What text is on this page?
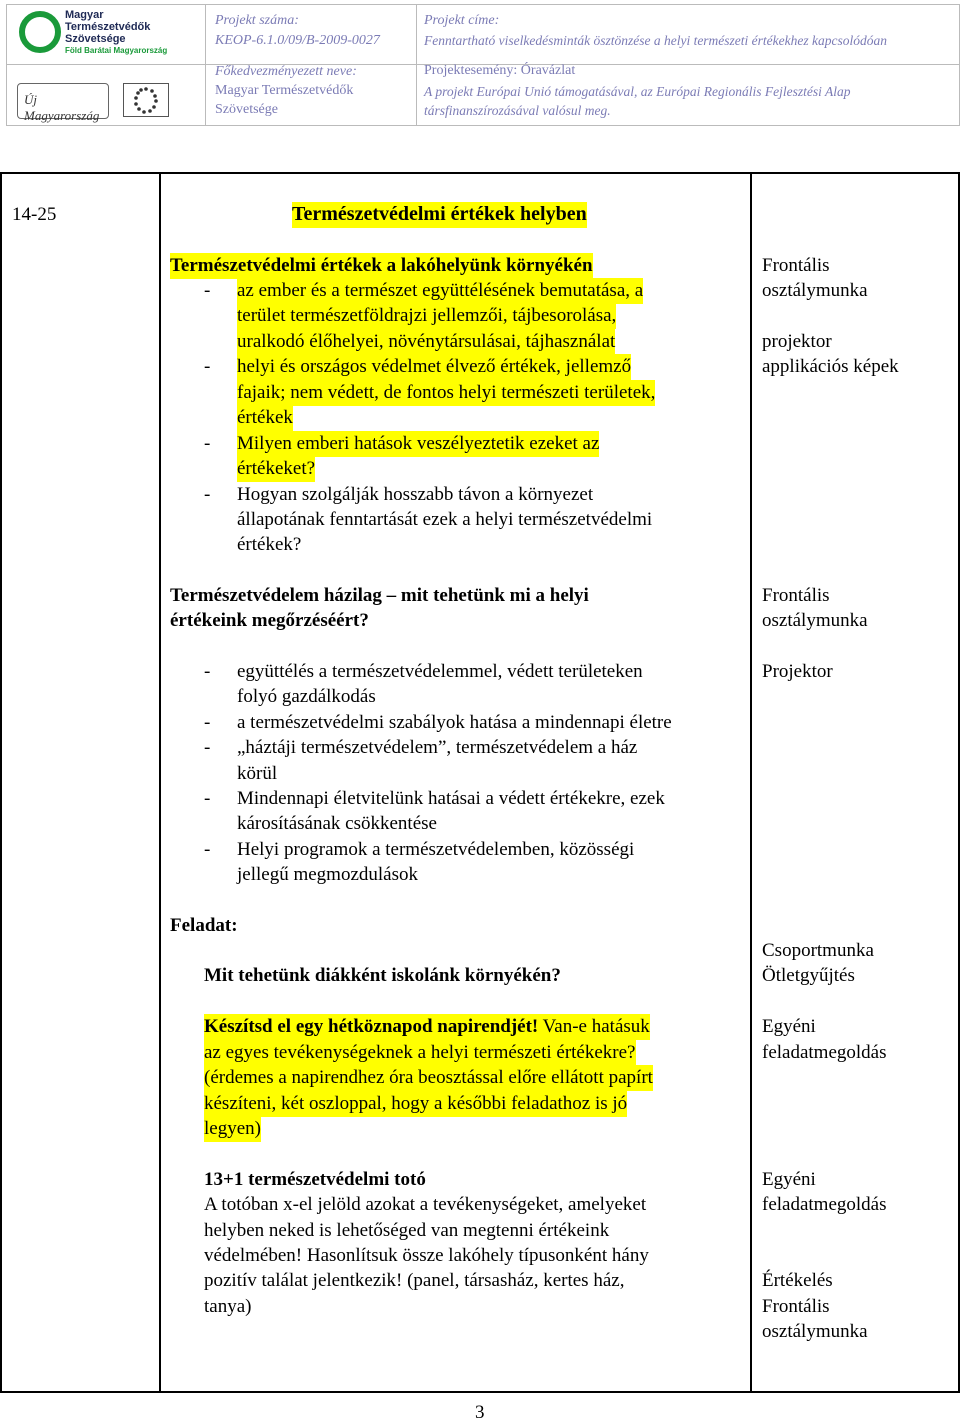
Magyar
Természetvédők
Szövetsége
Föld Barátai Magyarország
Új Magyarország
Projekt száma:
KEOP-6.1.0/09/B-2009-0027
Főkedvezményezett neve:
Magyar Természetvédők
Szövetsége
Projekt címe:
Fenntartható viselkedésminták ösztönzése a helyi természeti értékekhez kapcsolódóan
Projektesemény: Óravázlat
A projekt Európai Unió támogatásával, az Európai Regionális Fejlesztési Alap
társfinanszírozásával valósul meg.
14-25	Természetvédelmi értékek helyben
Természetvédelmi értékek a lakóhelyünk környékén
- az ember és a természet együttélésének bemutatása, a
terület természetföldrajzi jellemzői, tájbesorolása,
uralkodó élőhelyei, növénytársulásai, tájhasználat
- helyi és országos védelmet élvező értékek, jellemző
fajaik; nem védett, de fontos helyi természeti területek,
értékek
- Milyen emberi hatások veszélyeztetik ezeket az
értékeket?
- Hogyan szolgálják hosszabb távon a környezet
állapotának fenntartását ezek a helyi természetvédelmi
értékek?
Frontális
osztálymunka
projektor
applikációs képek
Természetvédelem házilag – mit tehetünk mi a helyi
értékeink megőrzéséért?
- együttélés a természetvédelemmel, védett területeken
folyó gazdálkodás
- a természetvédelmi szabályok hatása a mindennapi életre
- „háztáji természetvédelem”, természetvédelem a ház
körül
- Mindennapi életvitelünk hatásai a védett értékekre, ezek
károsításának csökkentése
- Helyi programok a természetvédelemben, közösségi
jellegű megmozdulások
Frontális
osztálymunka
Projektor
Feladat:
Mit tehetünk diákként iskolánk környékén?
Csoportmunka
Ötletgyűjtés
Készítsd el egy hétköznapod napirendjét! Van-e hatásuk
az egyes tevékenységeknek a helyi természeti értékekre?
(érdemes a napirendhez óra beosztással előre ellátott papírt
készíteni, két oszloppal, hogy a későbbi feladathoz is jó
legyen)
Egyéni
feladatmegoldás
13+1 természetvédelmi totó
A totóban x-el jelöld azokat a tevékenységeket, amelyeket
helyben neked is lehetőséged van megtenni értékeink
védelmében! Hasonlítsuk össze lakóhely típusonként hány
pozitív találat jelentkezik! (panel, társasház, kertes ház,
tanya)
Egyéni
feladatmegoldás
Értékelés
Frontális
osztálymunka
3
